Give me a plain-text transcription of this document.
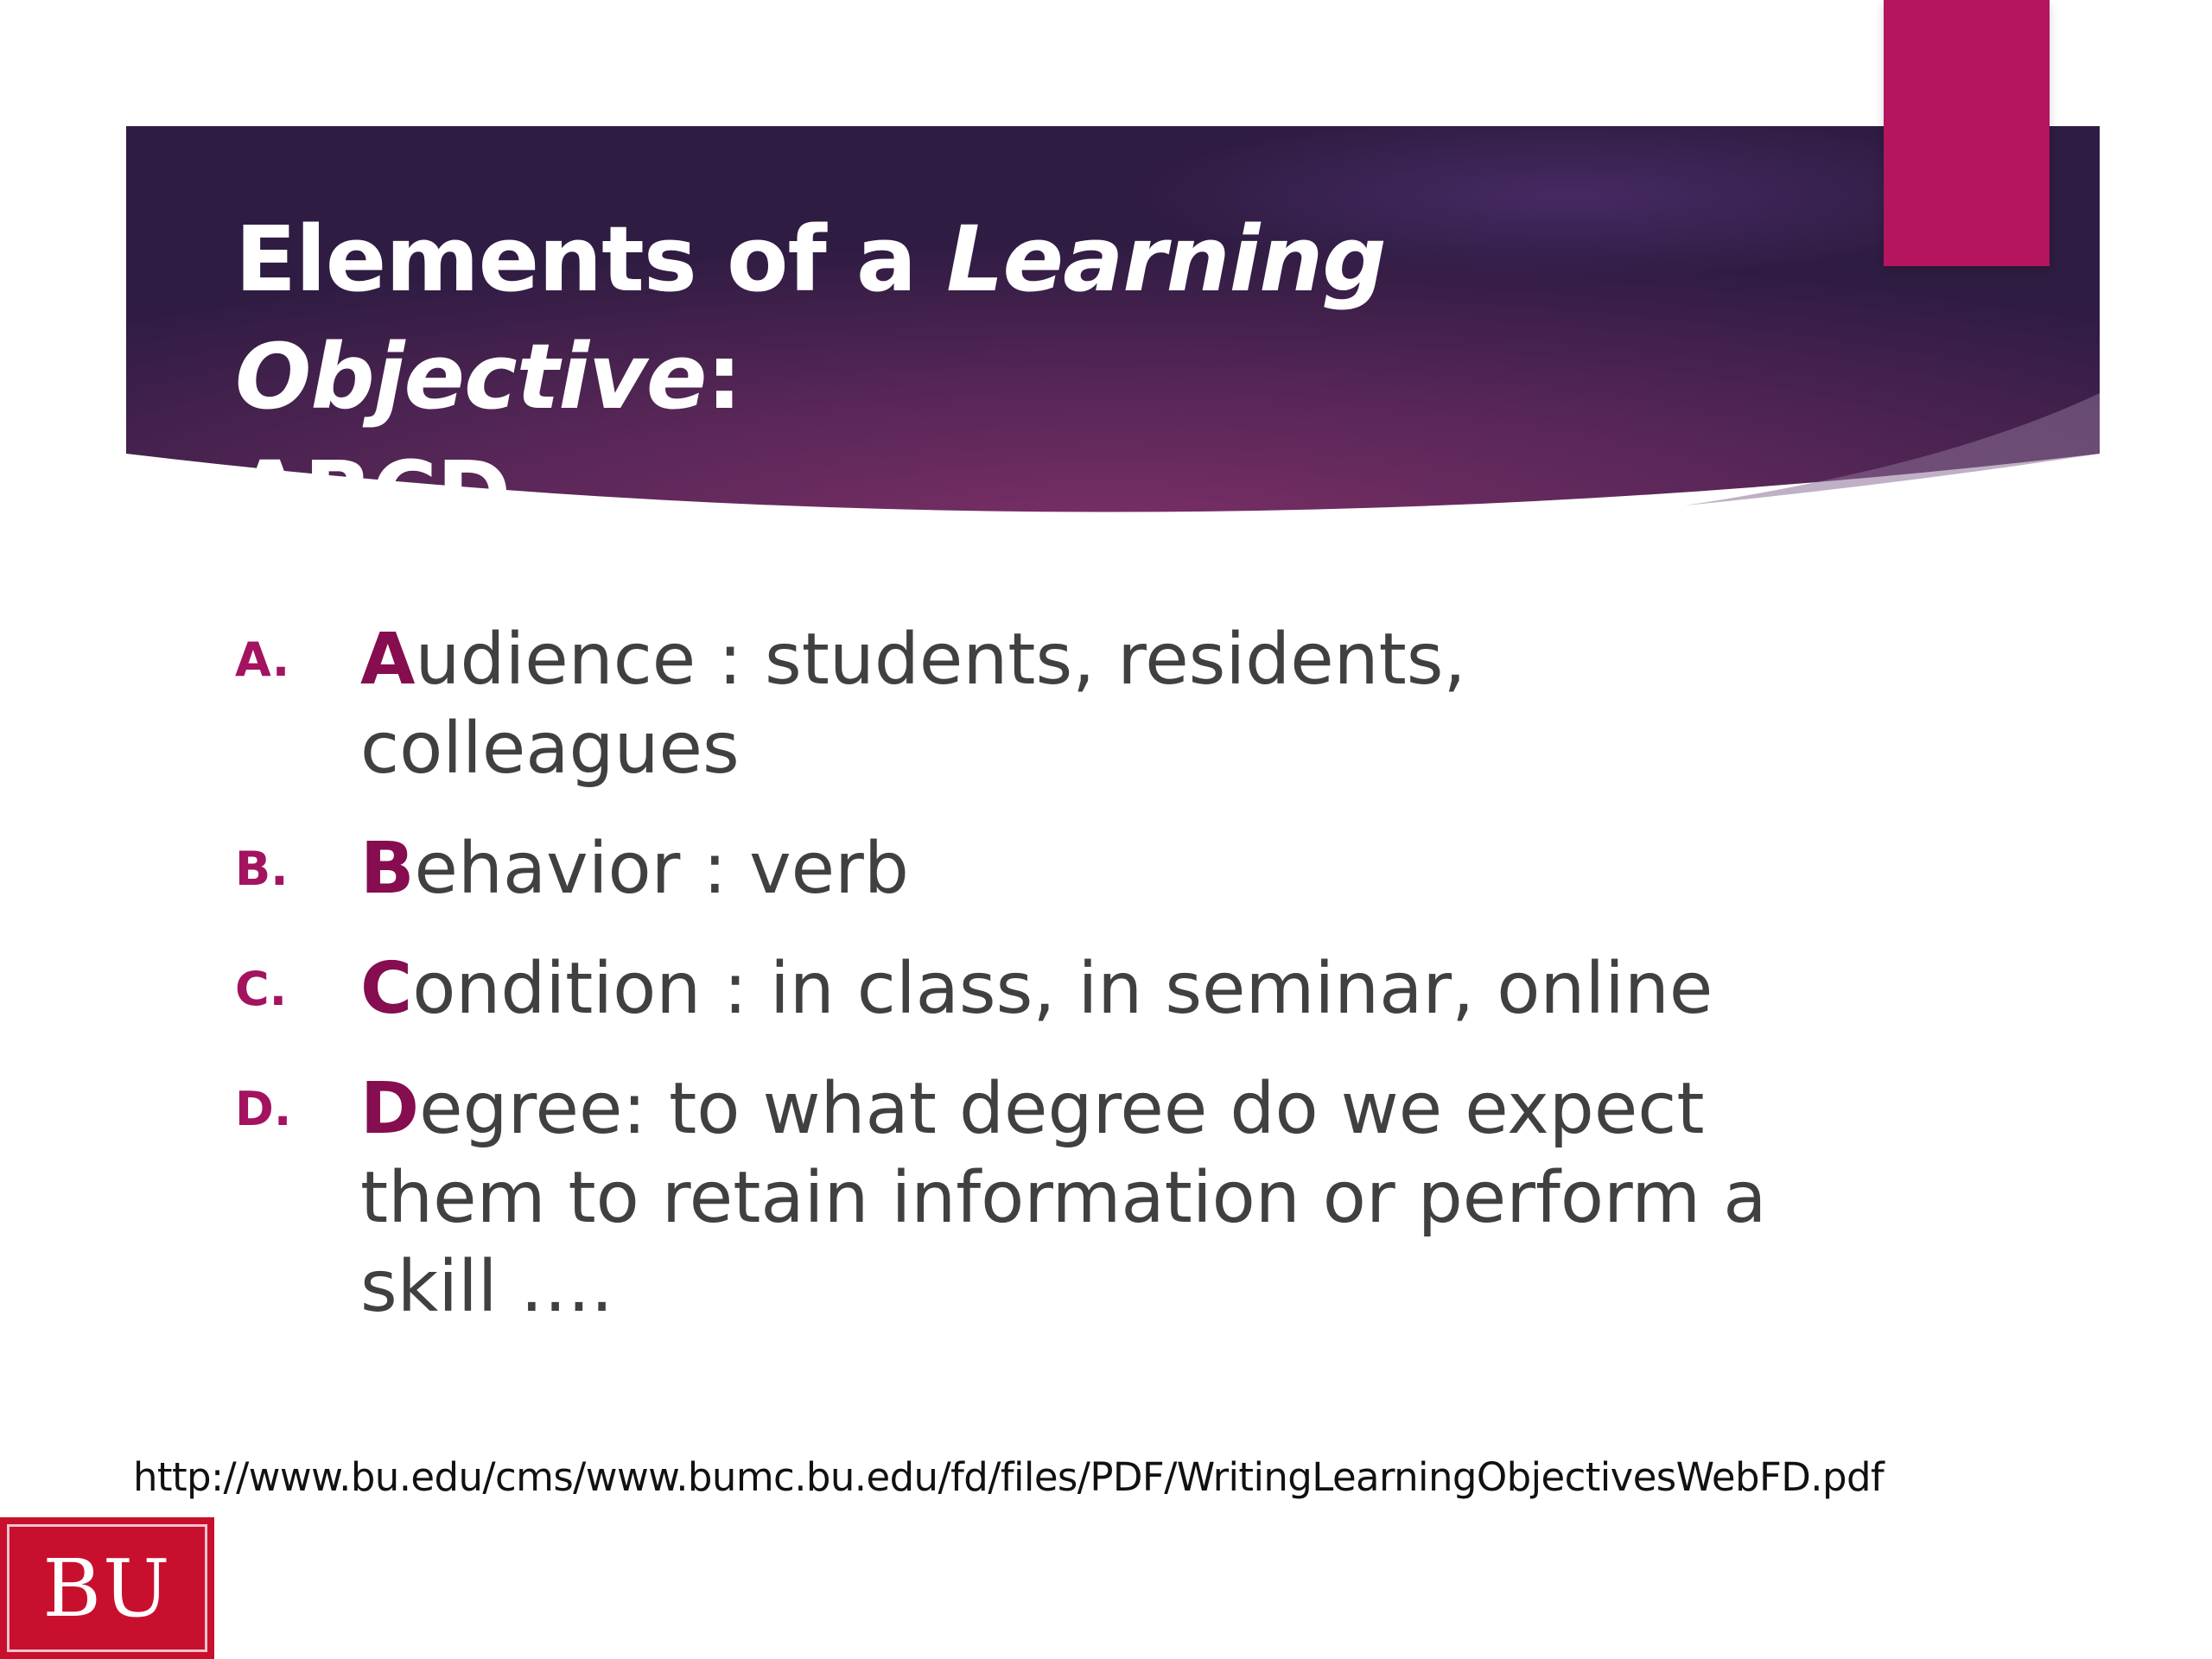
Elements of a Learning Objective:
ABCD
A. Audience : students, residents, colleagues
B. Behavior : verb
C. Condition : in class, in seminar, online
D. Degree: to what degree do we expect them to retain information or perform a skill ….
http://www.bu.edu/cms/www.bumc.bu.edu/fd/files/PDF/WritingLearningObjectivesWebFD.pdf
BU
